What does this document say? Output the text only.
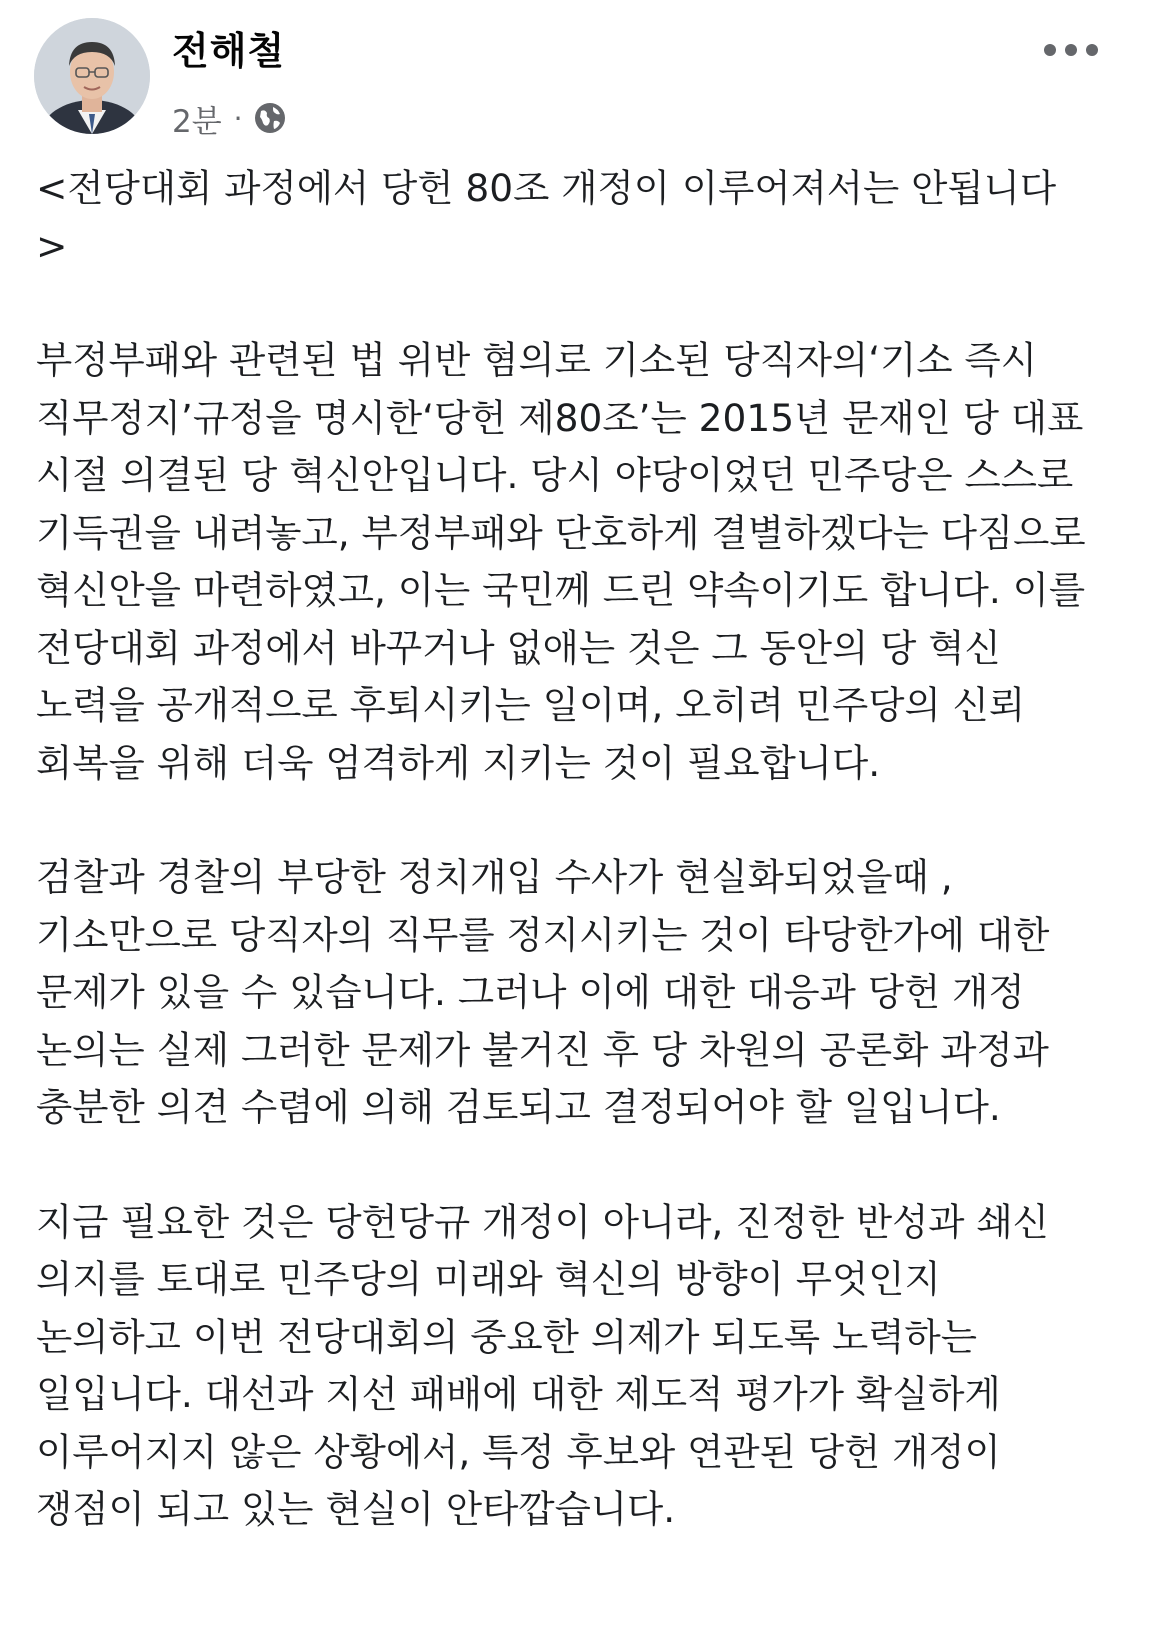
전해철
2분 ·

<전당대회 과정에서 당헌 80조 개정이 이루어져서는 안됩니다 >

부정부패와 관련된 법 위반 혐의로 기소된 당직자의‘기소 즉시 직무정지’규정을 명시한‘당헌 제80조’는 2015년 문재인 당 대표 시절 의결된 당 혁신안입니다. 당시 야당이었던 민주당은 스스로 기득권을 내려놓고, 부정부패와 단호하게 결별하겠다는 다짐으로 혁신안을 마련하였고, 이는 국민께 드린 약속이기도 합니다. 이를 전당대회 과정에서 바꾸거나 없애는 것은 그 동안의 당 혁신 노력을 공개적으로 후퇴시키는 일이며, 오히려 민주당의 신뢰 회복을 위해 더욱 엄격하게 지키는 것이 필요합니다.

검찰과 경찰의 부당한 정치개입 수사가 현실화되었을때 , 기소만으로 당직자의 직무를 정지시키는 것이 타당한가에 대한 문제가 있을 수 있습니다. 그러나 이에 대한 대응과 당헌 개정 논의는 실제 그러한 문제가 불거진 후 당 차원의 공론화 과정과 충분한 의견 수렴에 의해 검토되고 결정되어야 할 일입니다.

지금 필요한 것은 당헌당규 개정이 아니라, 진정한 반성과 쇄신 의지를 토대로 민주당의 미래와 혁신의 방향이 무엇인지 논의하고 이번 전당대회의 중요한 의제가 되도록 노력하는 일입니다. 대선과 지선 패배에 대한 제도적 평가가 확실하게 이루어지지 않은 상황에서, 특정 후보와 연관된 당헌 개정이 쟁점이 되고 있는 현실이 안타깝습니다.
